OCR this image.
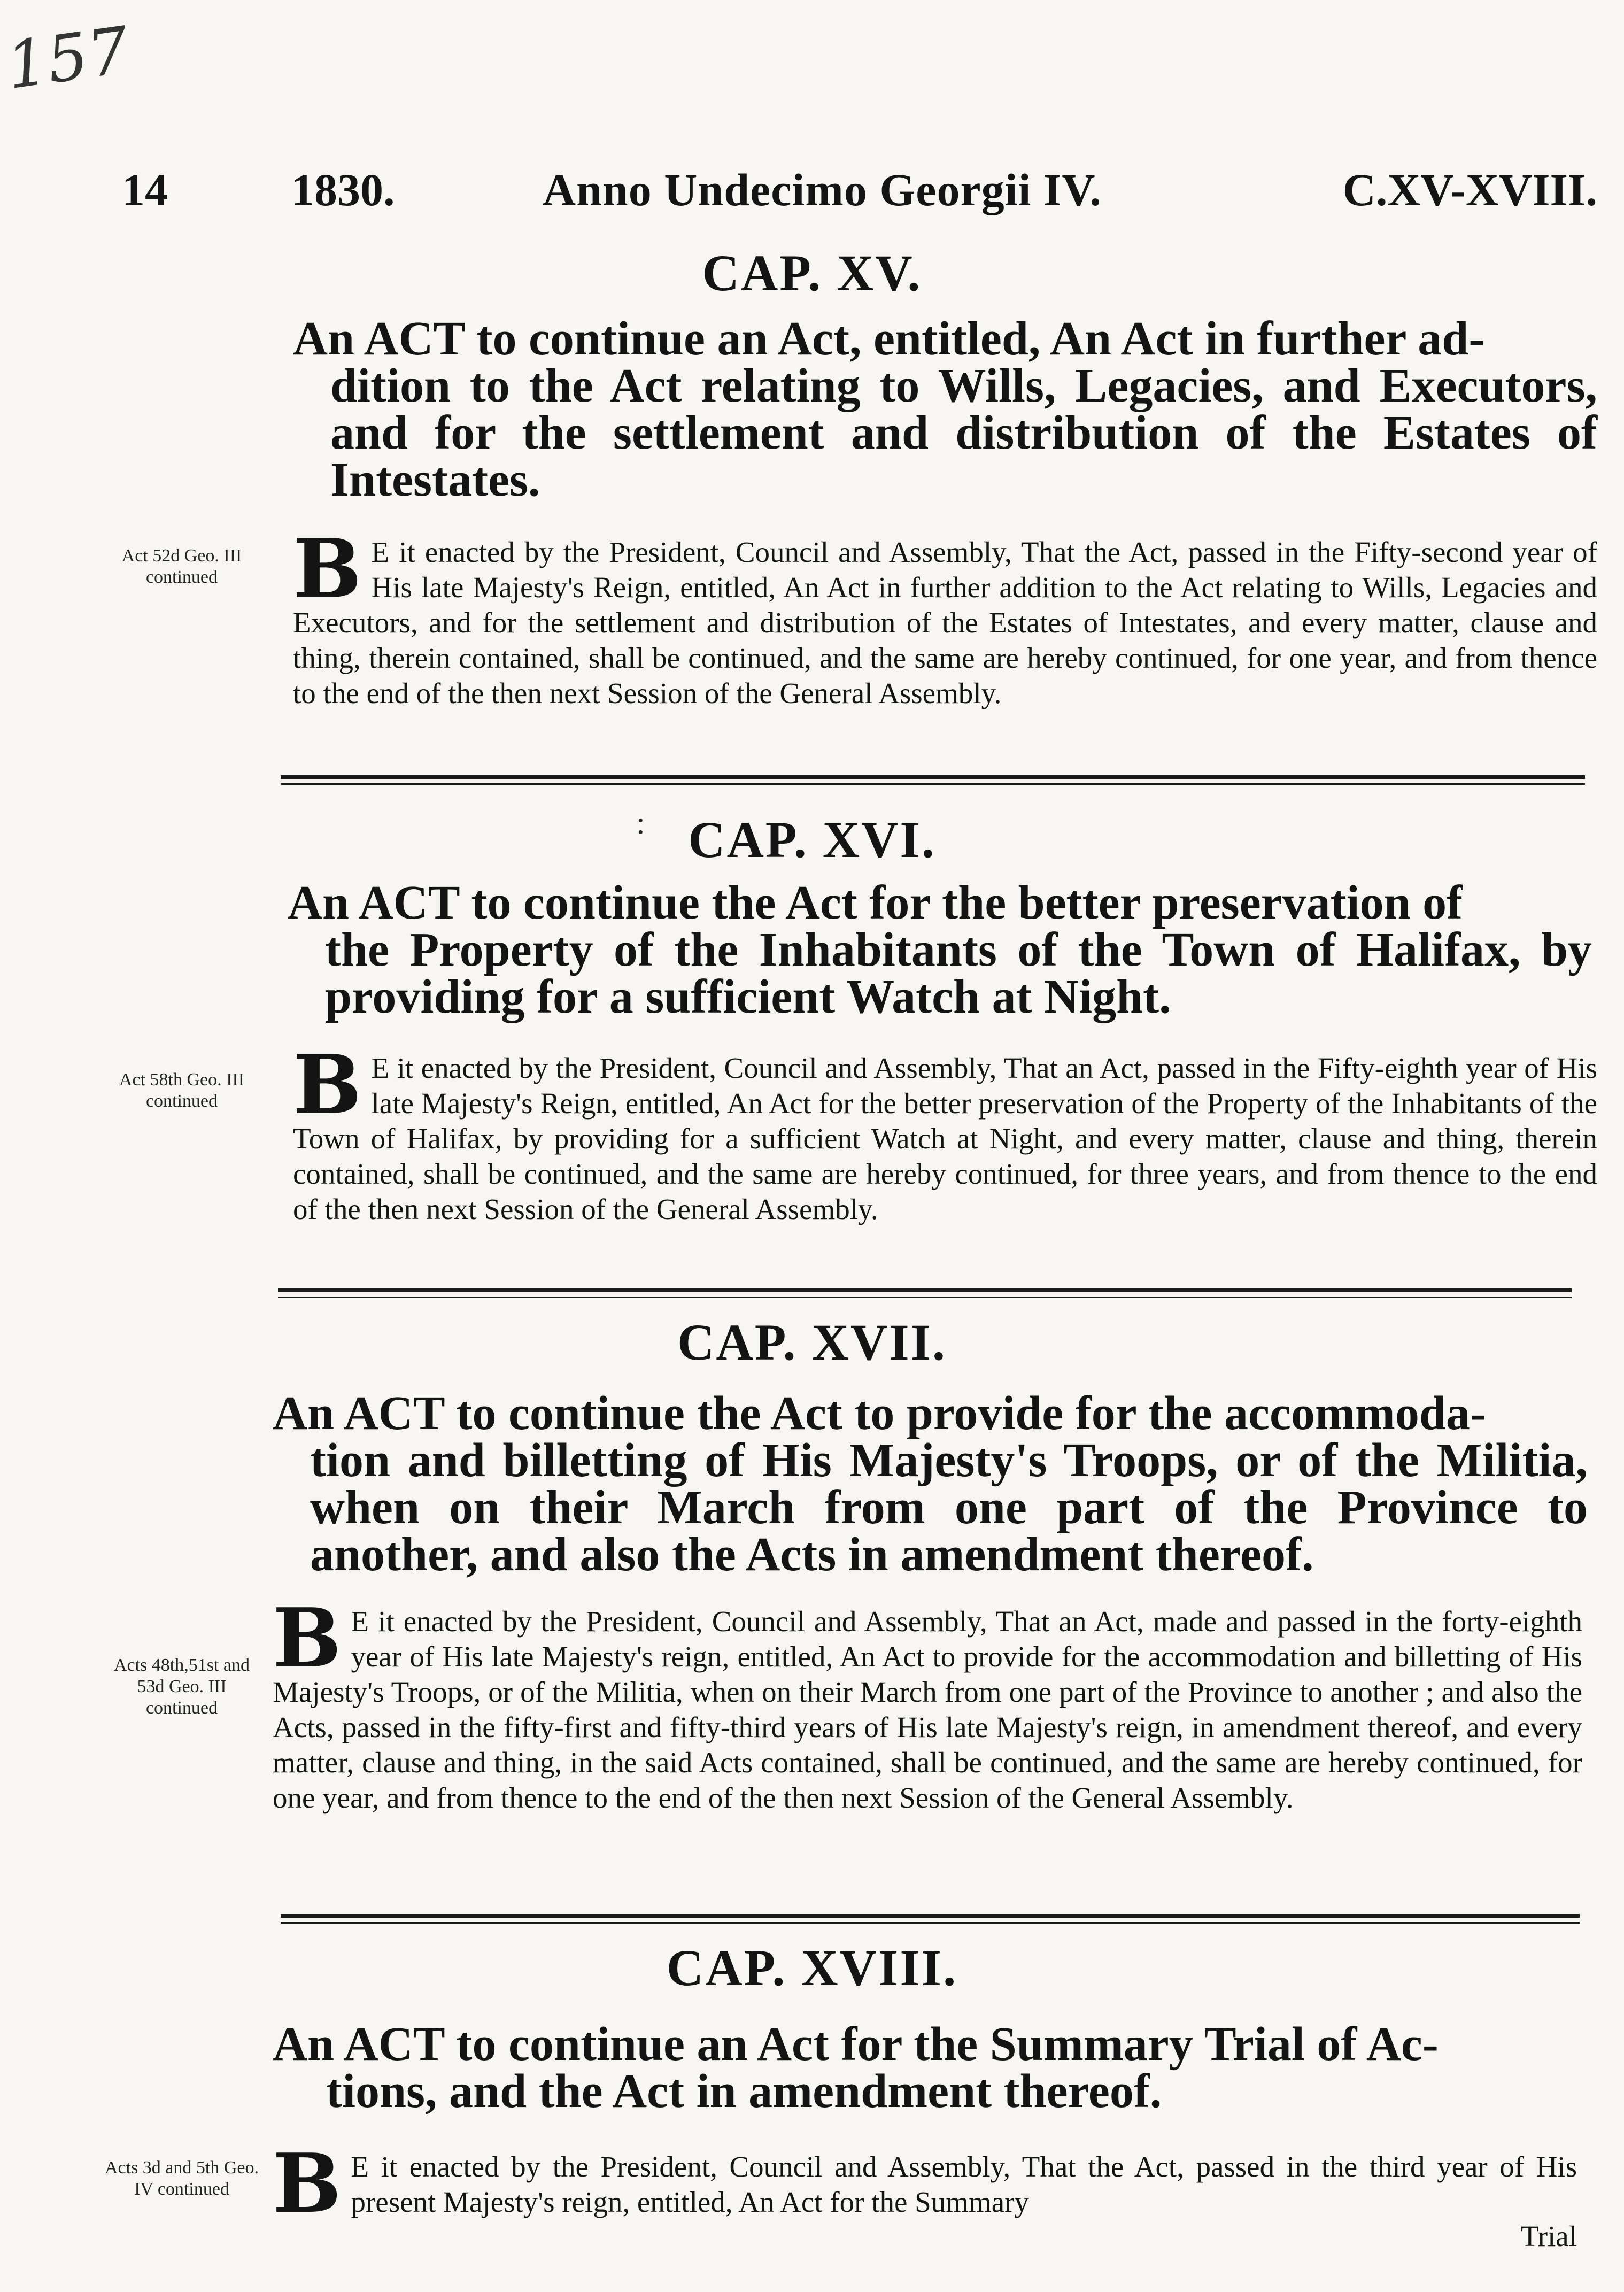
157
14	1830.	Anno Undecimo Georgii IV.	C.XV-XVIII.
CAP. XV.
An ACT to continue an Act, entitled, An Act in further ad-
dition to the Act relating to Wills, Legacies, and Executors, and for the settlement and distribution of the Estates of Intestates.
Act 52d Geo. III continued B E it enacted by the President, Council and Assembly, That the Act, passed in the Fifty-second year of His late Majesty's Reign, entitled, An Act in further addition to the Act relating to Wills, Legacies and Executors, and for the settlement and distribution of the Estates of Intestates, and every matter, clause and thing, therein contained, shall be continued, and the same are hereby continued, for one year, and from thence to the end of the then next Session of the General Assembly.
: CAP. XVI.
An ACT to continue the Act for the better preservation of
the Property of the Inhabitants of the Town of Halifax, by providing for a sufficient Watch at Night.
Act 58th Geo. III continued B E it enacted by the President, Council and Assembly, That an Act, passed in the Fifty-eighth year of His late Majesty's Reign, entitled, An Act for the better preservation of the Property of the Inhabitants of the Town of Halifax, by providing for a sufficient Watch at Night, and every matter, clause and thing, therein contained, shall be continued, and the same are hereby continued, for three years, and from thence to the end of the then next Session of the General Assembly.
CAP. XVII.
An ACT to continue the Act to provide for the accommoda-
tion and billetting of His Majesty's Troops, or of the Militia, when on their March from one part of the Province to another, and also the Acts in amendment thereof.
Acts 48th,51st and 53d Geo. III continued
B E it enacted by the President, Council and Assembly, That an Act, made and passed in the forty-eighth year of His late Majesty's reign, entitled, An Act to provide for the accommodation and billetting of His Majesty's Troops, or of the Militia, when on their March from one part of the Province to another ; and also the Acts, passed in the fifty-first and fifty-third years of His late Majesty's reign, in amendment thereof, and every matter, clause and thing, in the said Acts contained, shall be continued, and the same are hereby continued, for one year, and from thence to the end of the then next Session of the General Assembly.
CAP. XVIII.
An ACT to continue an Act for the Summary Trial of Ac-
tions, and the Act in amendment thereof.
Acts 3d and 5th Geo. IV continued B E it enacted by the President, Council and Assembly, That the Act, passed in the third year of His present Majesty's reign, entitled, An Act for the Summary
Trial
